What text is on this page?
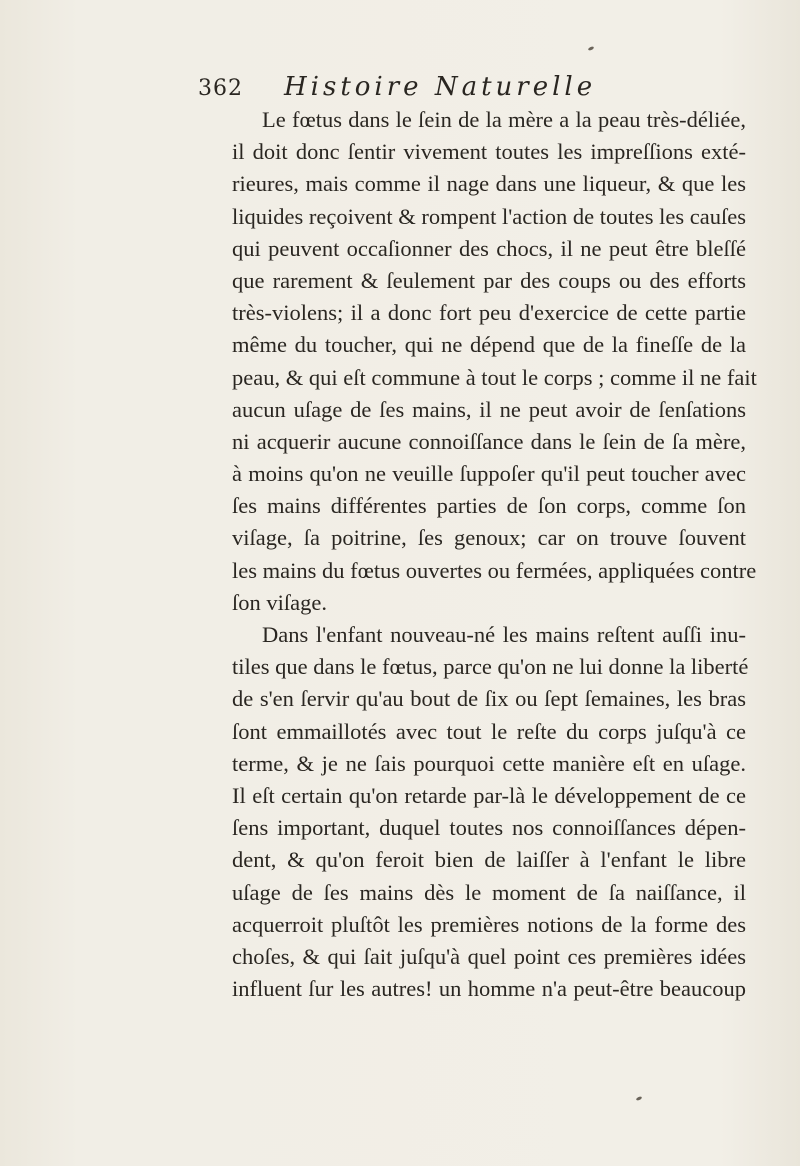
362 Histoire Naturelle
Le fœtus dans le ſein de la mère a la peau très-déliée,
il doit donc ſentir vivement toutes les impreſſions exté-
rieures, mais comme il nage dans une liqueur, & que les
liquides reçoivent & rompent l'action de toutes les cauſes
qui peuvent occaſionner des chocs, il ne peut être bleſſé
que rarement & ſeulement par des coups ou des efforts
très-violens; il a donc fort peu d'exercice de cette partie
même du toucher, qui ne dépend que de la fineſſe de la
peau, & qui eſt commune à tout le corps ; comme il ne fait
aucun uſage de ſes mains, il ne peut avoir de ſenſations
ni acquerir aucune connoiſſance dans le ſein de ſa mère,
à moins qu'on ne veuille ſuppoſer qu'il peut toucher avec
ſes mains différentes parties de ſon corps, comme ſon
viſage, ſa poitrine, ſes genoux; car on trouve ſouvent
les mains du fœtus ouvertes ou fermées, appliquées contre
ſon viſage.
Dans l'enfant nouveau-né les mains reſtent auſſi inu-
tiles que dans le fœtus, parce qu'on ne lui donne la liberté
de s'en ſervir qu'au bout de ſix ou ſept ſemaines, les bras
ſont emmaillotés avec tout le reſte du corps juſqu'à ce
terme, & je ne ſais pourquoi cette manière eſt en uſage.
Il eſt certain qu'on retarde par-là le développement de ce
ſens important, duquel toutes nos connoiſſances dépen-
dent, & qu'on feroit bien de laiſſer à l'enfant le libre
uſage de ſes mains dès le moment de ſa naiſſance, il
acquerroit pluſtôt les premières notions de la forme des
choſes, & qui ſait juſqu'à quel point ces premières idées
influent ſur les autres! un homme n'a peut-être beaucoup
